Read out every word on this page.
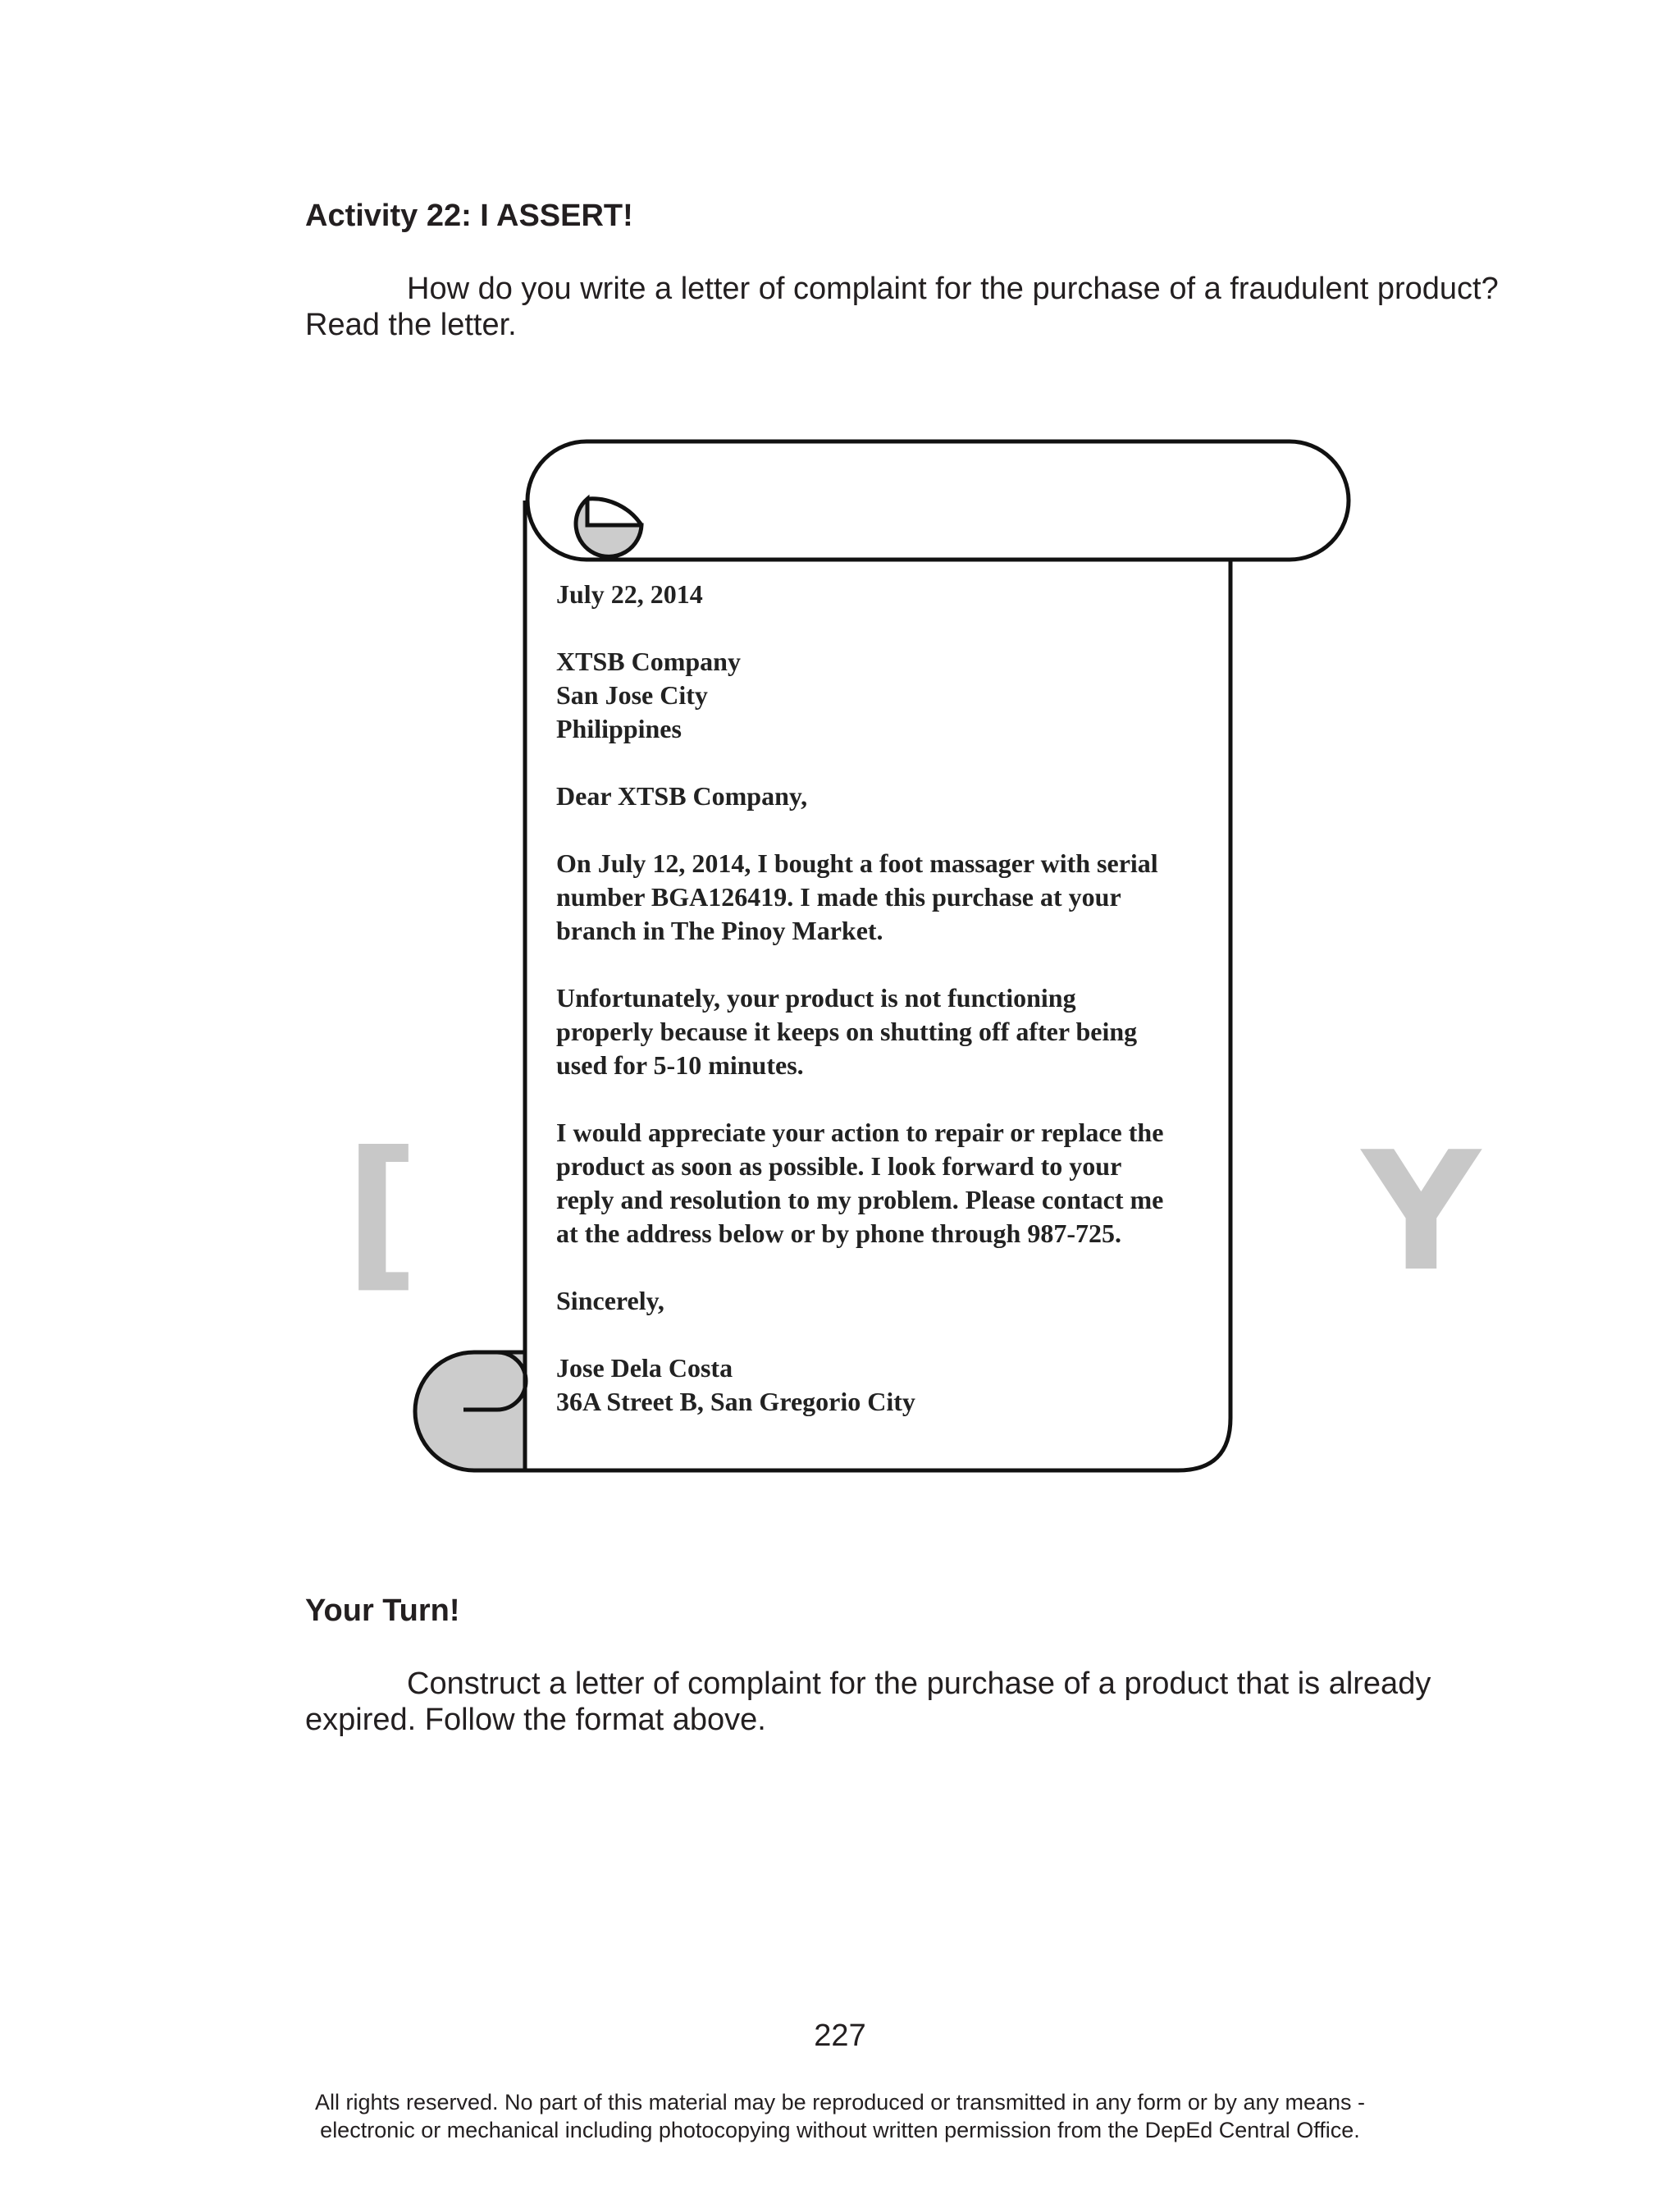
Activity 22: I ASSERT!
How do you write a letter of complaint for the purchase of a fraudulent product?
Read the letter.
[	Y

July 22, 2014

XTSB Company
San Jose City
Philippines

Dear XTSB Company,

On July 12, 2014, I bought a foot massager with serial
number BGA126419. I made this purchase at your
branch in The Pinoy Market.

Unfortunately, your product is not functioning
properly because it keeps on shutting off after being
used for 5-10 minutes.

I would appreciate your action to repair or replace the
product as soon as possible. I look forward to your
reply and resolution to my problem. Please contact me
at the address below or by phone through 987-725.

Sincerely,

Jose Dela Costa
36A Street B, San Gregorio City

Your Turn!
Construct a letter of complaint for the purchase of a product that is already
expired. Follow the format above.
227
All rights reserved. No part of this material may be reproduced or transmitted in any form or by any means -
electronic or mechanical including photocopying without written permission from the DepEd Central Office.
